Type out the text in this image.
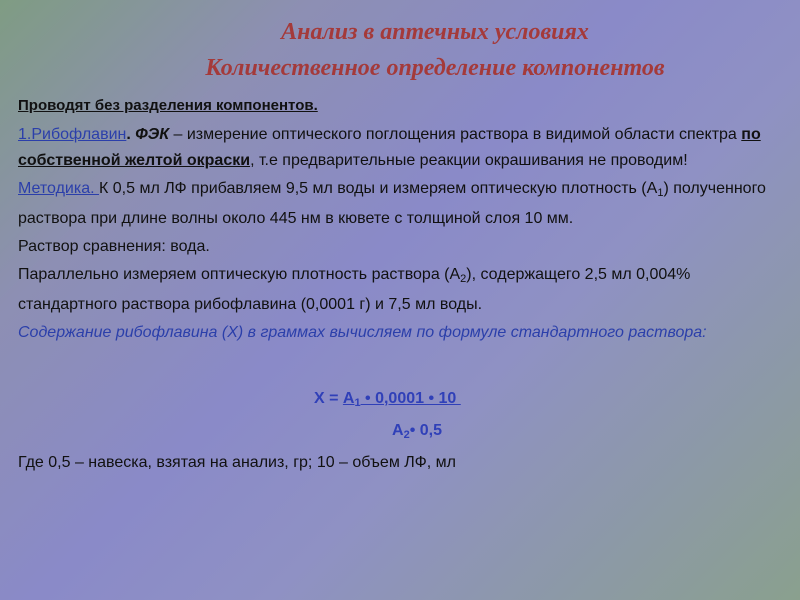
Анализ в аптечных условиях
Количественное определение компонентов

Проводят без разделения компонентов.

1.Рибофлавин. ФЭК – измерение оптического поглощения раствора в видимой области спектра по собственной желтой окраски, т.е предварительные реакции окрашивания не проводим!

Методика. К 0,5 мл ЛФ прибавляем 9,5 мл воды и измеряем оптическую плотность $(А_1)$ полученного раствора при длине волны около 445 нм в кювете с толщиной слоя 10 мм.

Раствор сравнения: вода.

Параллельно измеряем оптическую плотность раствора $(А_2)$, содержащего 2,5 мл 0,004% стандартного раствора рибофлавина (0,0001 г) и 7,5 мл воды.

Содержание рибофлавина (Х) в граммах вычисляем по формуле стандартного раствора:

$Х = А_1$ • 0,0001 • 10
$А_2•$ 0,5
Где 0,5 – навеска, взятая на анализ, гр; 10 – объем ЛФ, мл
